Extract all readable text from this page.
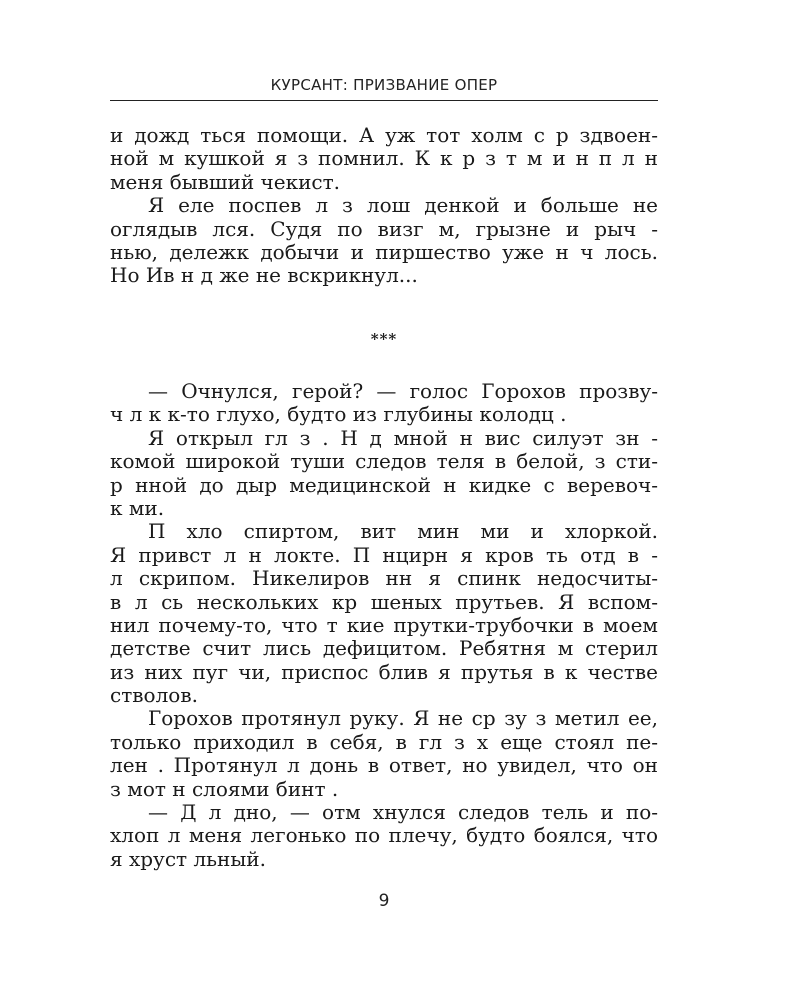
КУРСАНТ: ПРИЗВАНИЕ ОПЕР
и дожд ться помощи. А уж тот холм с р здвоен-
ной м кушкой я з помнил. К к р з т м и н п л н
меня бывший чекист.
Я еле поспев л з лош денкой и больше не
оглядыв лся. Судя по визг м, грызне и рыч -
нью, дележк добычи и пиршество уже н ч лось.
Но Ив н д же не вскрикнул...
***
— Очнулся, герой? — голос Горохов прозву-
ч л к к-то глухо, будто из глубины колодц .
Я открыл гл з . Н д мной н вис силуэт зн -
комой широкой туши следов теля в белой, з сти-
р нной до дыр медицинской н кидке с веревоч-
к ми.
П хло спиртом, вит мин ми и хлоркой.
Я привст л н локте. П нцирн я кров ть отд в -
л скрипом. Никелиров нн я спинк недосчиты-
в л сь нескольких кр шеных прутьев. Я вспом-
нил почему-то, что т кие прутки-трубочки в моем
детстве счит лись дефицитом. Ребятня м стерил
из них пуг чи, приспос блив я прутья в к честве
стволов.
Горохов протянул руку. Я не ср зу з метил ее,
только приходил в себя, в гл з х еще стоял пе-
лен . Протянул л донь в ответ, но увидел, что он
з мот н слоями бинт .
— Д л дно, — отм хнулся следов тель и по-
хлоп л меня легонько по плечу, будто боялся, что
я хруст льный.
9
